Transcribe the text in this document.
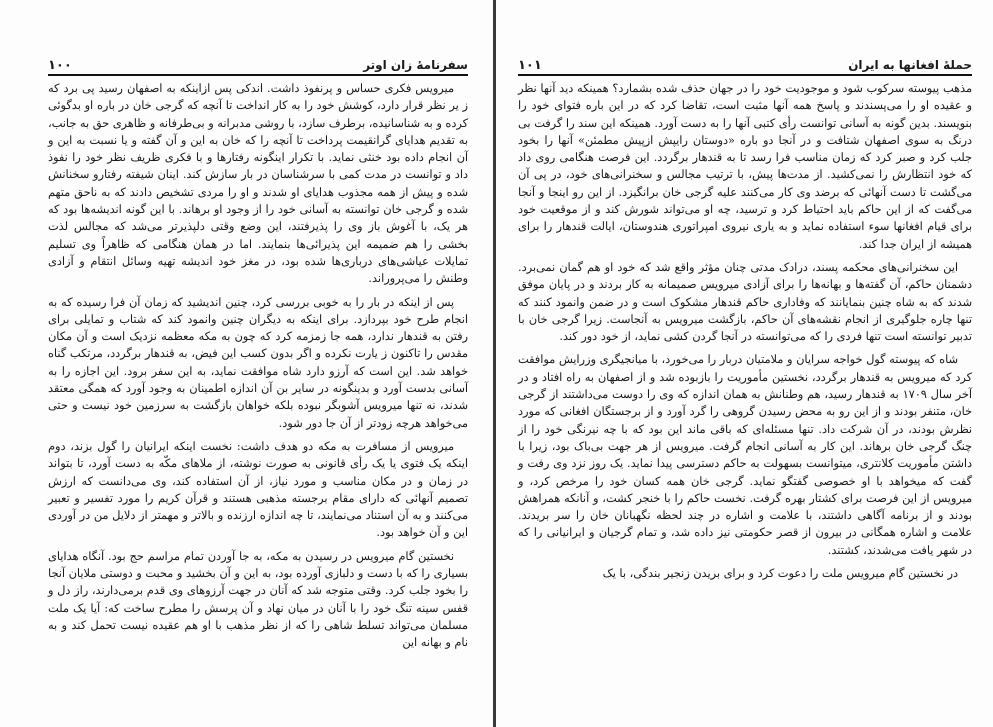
سفرنامهٔ زان اوتر
۱۰۰

میرویس فکری حساس و پرنفوذ داشت. اندکی پس ازاینکه به اصفهان رسید پی برد که ز یر نظر قرار دارد، کوشش خود را به کار انداخت تا آنچه که گرجی خان در باره او بدگوئی کرده و به شناسانیده، برطرف سازد، با روشی مدبرانه و بی‌طرفانه و ظاهری حق به جانب، به تقدیم هدایای گرانقیمت پرداخت تا آنچه را که خان به این و آن گفته و یا نسبت به این و آن انجام داده بود خنثی نماید. با تکرار اینگونه رفتارها و با فکری ظریف نظر خود را نفوذ داد و توانست در مدت کمی با سرشناسان در بار سازش کند. اینان شیفته رفتارو سخنانش شده و پیش از همه مجذوب هدایای او شدند و او را مردی تشخیص دادند که به ناحق متهم شده و گرجی خان توانسته به آسانی خود را از وجود او برهاند. با این گونه اندیشه‌ها بود که هر یک، با آغوش باز وی را پذیرفتند، این وضع وقتی دلپذیرتر می‌شد که مجالس لذت بخشی را هم ضمیمه این پذیرائی‌ها بنمایند. اما در همان هنگامی که ظاهراً وی تسلیم تمایلات عیاشی‌های درباری‌ها شده بود، در مغز خود اندیشه تهیه وسائل انتقام و آزادی وطنش را می‌پروراند.

پس از اینکه در بار را به خوبی بررسی کرد، چنین اندیشید که زمان آن فرا رسیده که به انجام طرح خود بپردازد. برای اینکه به دیگران چنین وانمود کند که شتاب و تمایلی برای رفتن به قندهار ندارد، همه جا زمزمه کرد که چون به مکه معظمه نزدیک است و آن مکان مقدس را تاکنون ز یارت نکرده و اگر بدون کسب این فیض، به قندهار برگردد، مرتکب گناه خواهد شد. این است که آرزو دارد شاه موافقت نماید، به این سفر برود. این اجازه را به آسانی بدست آورد و بدینگونه در سایر بن آن اندازه اطمینان به وجود آورد که همگی معتقد شدند، نه تنها میرویس آشوبگر نبوده بلکه خواهان بازگشت به سرزمین خود نیست و حتی می‌خواهد هرچه زودتر از آن جا دور شود.

میرویس از مسافرت به مکه دو هدف داشت: نخست اینکه ایرانیان را گول بزند، دوم اینکه یک فتوی یا یک رأی قانونی به صورت نوشته، از ملاهای مکّه به دست آورد، تا بتواند در زمان و در مکان مناسب و مورد نیاز، از آن استفاده کند، وی می‌دانست که ارزش تصمیم آنهائی که دارای مقام برجسته مذهبی هستند و قرآن کریم را مورد تفسیر و تعبیر می‌کنند و به آن استناد می‌نمایند، تا چه اندازه ارزنده و بالاتر و مهمتر از دلایل من در آوردی این و آن خواهد بود.

نخستین گام میرویس در رسیدن به مکه، به جا آوردن تمام مراسم حج بود. آنگاه هدایای بسیاری را که با دست و دلبازی آورده بود، به این و آن بخشید و محبت و دوستی ملایان آنجا را بخود جلب کرد. وقتی متوجه شد که آنان در جهت آرزوهای وی قدم برمی‌دارند، راز دل و قفس سینه تنگ خود را با آنان در میان نهاد و آن پرسش را مطرح ساخت که: آیا یک ملت مسلمان می‌تواند تسلط شاهی را که از نظر مذهب با او هم عقیده نیست تحمل کند و به نام و بهانه این

حملهٔ افغانها به ایران
۱۰۱

مذهب پیوسته سرکوب شود و موجودیت خود را در جهان حذف شده بشمارد؟ همینکه دید آنها نظر و عقیده او را می‌پسندند و پاسخ همه آنها مثبت است، تقاضا کرد که در این باره فتوای خود را بنویسند. بدین گونه به آسانی توانست رأی کتبی آنها را به دست آورد. همینکه این سند را گرفت بی درنگ به سوی اصفهان شتافت و در آنجا دو باره «دوستان رایپش ازپیش مطمئن» آنها را بخود جلب کرد و صبر کرد که زمان مناسب فرا رسد تا به قندهار برگردد. این فرصت هنگامی روی داد که خود انتظارش را نمی‌کشید. از مدت‌ها پیش، با ترتیب مجالس و سخنرانی‌های خود، در پی آن می‌گشت تا دست آنهائی که برضد وی کار می‌کنند علیه گرجی خان برانگیزد. از این رو اینجا و آنجا می‌گفت که از این حاکم باید احتیاط کرد و ترسید، چه او می‌تواند شورش کند و از موقعیت خود برای قیام افغانها سوء استفاده نماید و به یاری نیروی امپراتوری هندوستان، ایالت قندهار را برای همیشه از ایران جدا کند.

این سخنرانی‌های محکمه پسند، درادک مدتی چنان مؤثر واقع شد که خود او هم گمان نمی‌برد. دشمنان حاکم، آن گفته‌ها و بهانه‌ها را برای آزادی میرویس صمیمانه به کار بردند و در پایان موفق شدند که به شاه چنین بنمایانند که وفاداری حاکم قندهار مشکوک است و در ضمن وانمود کنند که تنها چاره جلوگیری از انجام نقشه‌های آن حاکم، بازگشت میرویس به آنجاست. زیرا گرجی خان با تدبیر توانسته است تنها فردی را که می‌توانسته در آنجا گردن کشی نماید، از خود دور کند.

شاه که پیوسته گول خواجه سرایان و ملامتیان دربار را می‌خورد، با میانجیگری وزرایش موافقت کرد که میرویس به قندهار برگردد، نخستین مأموریت را بازبوده شد و از اصفهان به راه افتاد و در آخر سال ۱۷۰۹ به قندهار رسید، هم وطنانش به همان اندازه که وی را دوست می‌داشتند از گرجی خان، متنفر بودند و از این رو به محض رسیدن گروهی را گرد آورد و از برجستگان افغانی که مورد نظرش بودند، در آن شرکت داد. تنها مسئله‌ای که باقی ماند این بود که با چه نیرنگی خود را از چنگ گرجی خان برهاند. این کار به آسانی انجام گرفت. میرویس از هر جهت بی‌باک بود، زیرا با داشتن مأموریت کلانتری، میتوانست بسهولت به حاکم دسترسی پیدا نماید. یک روز نزد وی رفت و گفت که میخواهد با او خصوصی گفتگو نماید. گرجی خان همه کسان خود را مرخص کرد، و میرویس از این فرصت برای کشتار بهره گرفت. نخست حاکم را با خنجر کشت، و آنانکه همراهش بودند و از برنامه آگاهی داشتند، با علامت و اشاره در چند لحظه نگهبانان خان را سر بریدند. علامت و اشاره همگانی در بیرون از قصر حکومتی نیز داده شد، و تمام گرجیان و ایرانیانی را که در شهر یافت می‌شدند، کشتند.

در نخستین گام میرویس ملت را دعوت کرد و برای بریدن زنجیر بندگی، با یک
